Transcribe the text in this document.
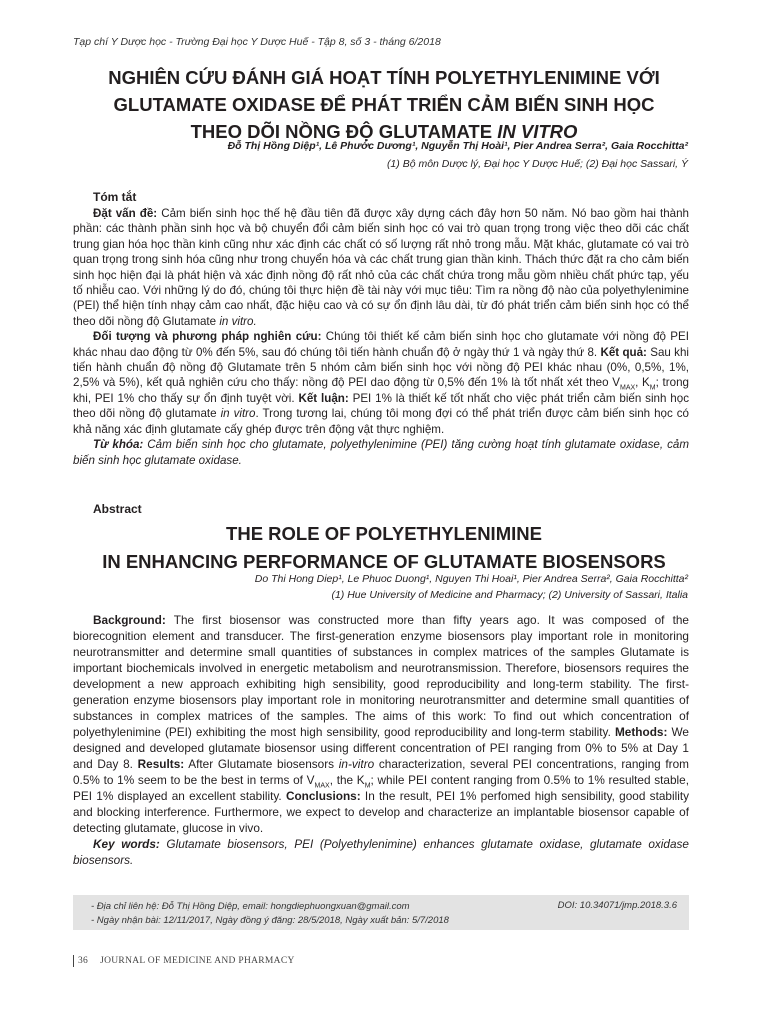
Tạp chí Y Dược học - Trường Đại học Y Dược Huế - Tập 8, số 3 - tháng 6/2018
NGHIÊN CỨU ĐÁNH GIÁ HOẠT TÍNH POLYETHYLENIMINE VỚI
GLUTAMATE OXIDASE ĐỂ PHÁT TRIỂN CẢM BIẾN SINH HỌC
THEO DÕI NỒNG ĐỘ GLUTAMATE IN VITRO
Đỗ Thị Hồng Diệp¹, Lê Phước Dương¹, Nguyễn Thị Hoài¹, Pier Andrea Serra², Gaia Rocchitta²
(1) Bộ môn Dược lý, Đại học Y Dược Huế; (2) Đại học Sassari, Ý
Tóm tắt

Đặt vấn đề: Cảm biến sinh học thế hệ đầu tiên đã được xây dựng cách đây hơn 50 năm. Nó bao gồm hai thành phần: các thành phần sinh học và bộ chuyển đổi cảm biến sinh học có vai trò quan trọng trong việc theo dõi các chất trung gian hóa học thần kinh cũng như xác định các chất có số lượng rất nhỏ trong mẫu. Mặt khác, glutamate có vai trò quan trọng trong sinh hóa cũng như trong chuyển hóa và các chất trung gian thần kinh. Thách thức đặt ra cho cảm biến sinh học hiện đại là phát hiện và xác định nồng độ rất nhỏ của các chất chứa trong mẫu gồm nhiều chất phức tạp, yếu tố nhiễu cao. Với những lý do đó, chúng tôi thực hiện đề tài này với mục tiêu: Tìm ra nồng độ nào của polyethylenimine (PEI) thể hiện tính nhạy cảm cao nhất, đặc hiệu cao và có sự ổn định lâu dài, từ đó phát triển cảm biến sinh học có thể theo dõi nồng độ Glutamate in vitro.

Đối tượng và phương pháp nghiên cứu: Chúng tôi thiết kế cảm biến sinh học cho glutamate với nồng độ PEI khác nhau dao động từ 0% đến 5%, sau đó chúng tôi tiến hành chuẩn độ ở ngày thứ 1 và ngày thứ 8. Kết quả: Sau khi tiến hành chuẩn độ nồng độ Glutamate trên 5 nhóm cảm biến sinh học với nồng độ PEI khác nhau (0%, 0,5%, 1%, 2,5% và 5%), kết quả nghiên cứu cho thấy: nồng độ PEI dao động từ 0,5% đến 1% là tốt nhất xét theo $V_{MAX}$, $K_M$; trong khi, PEI 1% cho thấy sự ổn định tuyệt vời. Kết luận: PEI 1% là thiết kế tốt nhất cho việc phát triển cảm biến sinh học theo dõi nồng độ glutamate in vitro. Trong tương lai, chúng tôi mong đợi có thể phát triển được cảm biến sinh học có khả năng xác định glutamate cấy ghép được trên động vật thực nghiệm.

Từ khóa: Cảm biến sinh học cho glutamate, polyethylenimine (PEI) tăng cường hoạt tính glutamate oxidase, cảm biến sinh học glutamate oxidase.

Abstract
THE ROLE OF POLYETHYLENIMINE
IN ENHANCING PERFORMANCE OF GLUTAMATE BIOSENSORS
Do Thi Hong Diep¹, Le Phuoc Duong¹, Nguyen Thi Hoai¹, Pier Andrea Serra², Gaia Rocchitta²
(1) Hue University of Medicine and Pharmacy; (2) University of Sassari, Italia

Background: The first biosensor was constructed more than fifty years ago. It was composed of the biorecognition element and transducer. The first-generation enzyme biosensors play important role in monitoring neurotransmitter and determine small quantities of substances in complex matrices of the samples Glutamate is important biochemicals involved in energetic metabolism and neurotransmission. Therefore, biosensors requires the development a new approach exhibiting high sensibility, good reproducibility and long-term stability. The first-generation enzyme biosensors play important role in monitoring neurotransmitter and determine small quantities of substances in complex matrices of the samples. The aims of this work: To find out which concentration of polyethylenimine (PEI) exhibiting the most high sensibility, good reproducibility and long-term stability. Methods: We designed and developed glutamate biosensor using different concentration of PEI ranging from 0% to 5% at Day 1 and Day 8. Results: After Glutamate biosensors in-vitro characterization, several PEI concentrations, ranging from 0.5% to 1% seem to be the best in terms of $V_{MAX}$, the $K_M$; while PEI content ranging from 0.5% to 1% resulted stable, PEI 1% displayed an excellent stability. Conclusions: In the result, PEI 1% perfomed high sensibility, good stability and blocking interference. Furthermore, we expect to develop and characterize an implantable biosensor capable of detecting glutamate, glucose in vivo.

Key words: Glutamate biosensors, PEI (Polyethylenimine) enhances glutamate oxidase, glutamate oxidase biosensors.

- Địa chỉ liên hệ: Đỗ Thị Hồng Diệp, email: hongdiephuongxuan@gmail.com
- Ngày nhận bài: 12/11/2017, Ngày đồng ý đăng: 28/5/2018, Ngày xuất bản: 5/7/2018
DOI: 10.34071/jmp.2018.3.6
36 JOURNAL OF MEDICINE AND PHARMACY
